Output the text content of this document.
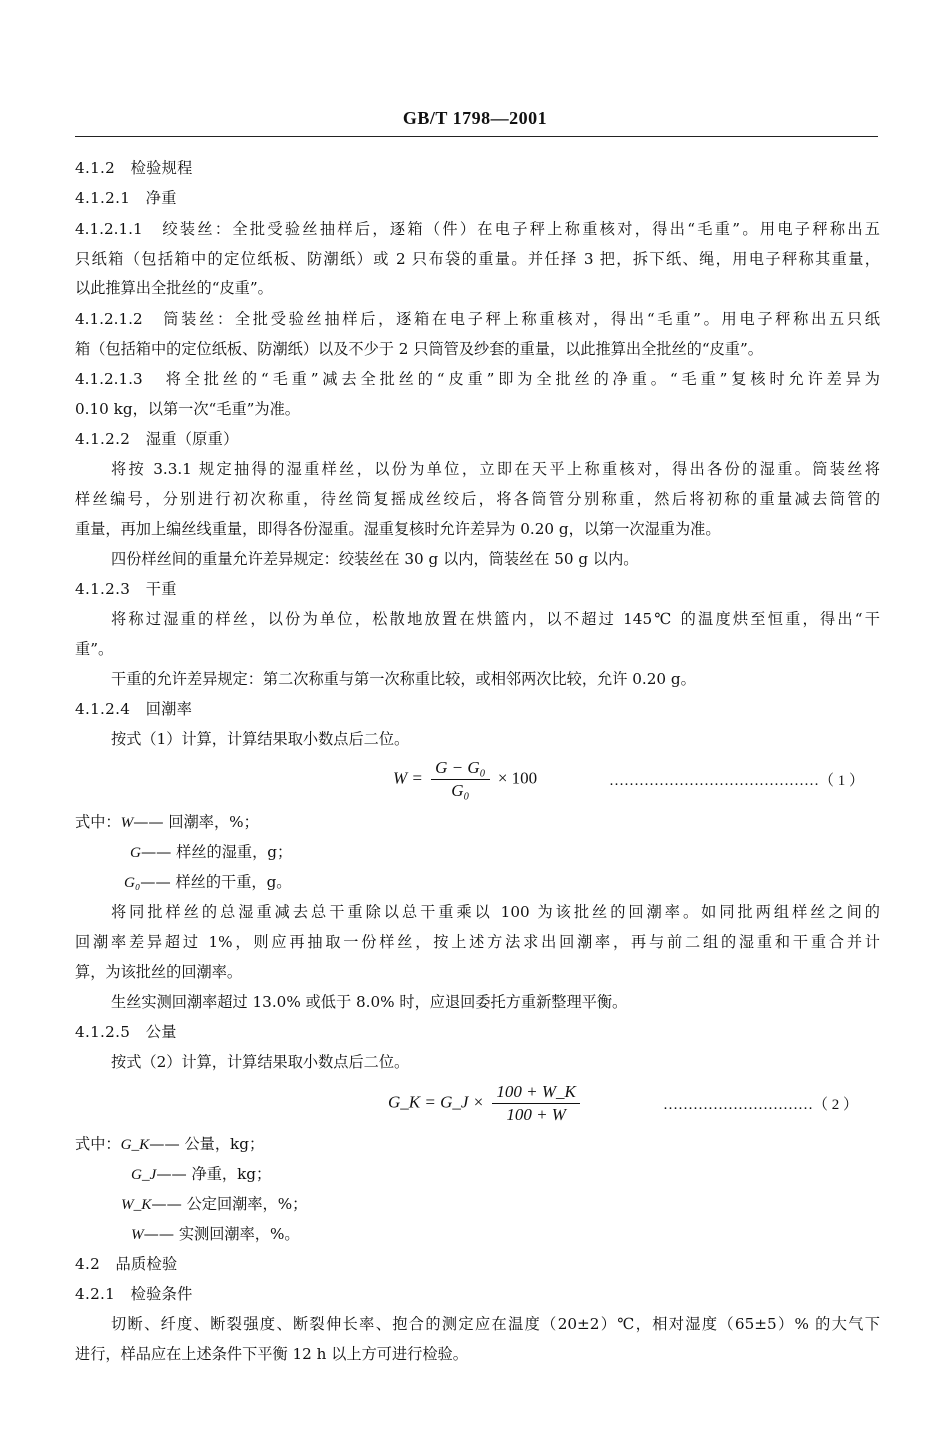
GB/T 1798—2001
4.1.2　检验规程
4.1.2.1　净重
4.1.2.1.1　绞装丝：全批受验丝抽样后，逐箱（件）在电子秤上称重核对，得出“毛重”。用电子秤称出五
只纸箱（包括箱中的定位纸板、防潮纸）或 2 只布袋的重量。并任择 3 把，拆下纸、绳，用电子秤称其重量，
以此推算出全批丝的“皮重”。
4.1.2.1.2　筒装丝：全批受验丝抽样后，逐箱在电子秤上称重核对，得出“毛重”。用电子秤称出五只纸
箱（包括箱中的定位纸板、防潮纸）以及不少于 2 只筒管及纱套的重量，以此推算出全批丝的“皮重”。
4.1.2.1.3　将全批丝的“毛重”减去全批丝的“皮重”即为全批丝的净重。“毛重”复核时允许差异为
0.10 kg，以第一次“毛重”为准。
4.1.2.2　湿重（原重）
将按 3.3.1 规定抽得的湿重样丝，以份为单位，立即在天平上称重核对，得出各份的湿重。筒装丝将
样丝编号，分别进行初次称重，待丝筒复摇成丝绞后，将各筒管分别称重，然后将初称的重量减去筒管的
重量，再加上编丝线重量，即得各份湿重。湿重复核时允许差异为 0.20 g，以第一次湿重为准。
四份样丝间的重量允许差异规定：绞装丝在 30 g 以内，筒装丝在 50 g 以内。
4.1.2.3　干重
将称过湿重的样丝，以份为单位，松散地放置在烘篮内，以不超过 145℃ 的温度烘至恒重，得出“干
重”。
干重的允许差异规定：第二次称重与第一次称重比较，或相邻两次比较，允许 0.20 g。
4.1.2.4　回潮率
按式（1）计算，计算结果取小数点后二位。
$W = \frac{\text{G − G₀}}{\text{G₀}} \times 100$	……………………………………（ 1 ）
式中：W—— 回潮率，%；
G—— 样丝的湿重，g；
G₀—— 样丝的干重，g。
将同批样丝的总湿重减去总干重除以总干重乘以 100 为该批丝的回潮率。如同批两组样丝之间的
回潮率差异超过 1%，则应再抽取一份样丝，按上述方法求出回潮率，再与前二组的湿重和干重合并计
算，为该批丝的回潮率。
生丝实测回潮率超过 13.0% 或低于 8.0% 时，应退回委托方重新整理平衡。
4.1.2.5　公量
按式（2）计算，计算结果取小数点后二位。
G_K = G_J × $\frac{100 + W\_K}{100 + W}$	…………………………（ 2 ）
式中：G_K—— 公量，kg；
G_J—— 净重，kg；
W_K—— 公定回潮率，%；
W—— 实测回潮率，%。
4.2　品质检验
4.2.1　检验条件
切断、纤度、断裂强度、断裂伸长率、抱合的测定应在温度（20±2）℃，相对湿度（65±5）% 的大气下
进行，样品应在上述条件下平衡 12 h 以上方可进行检验。
